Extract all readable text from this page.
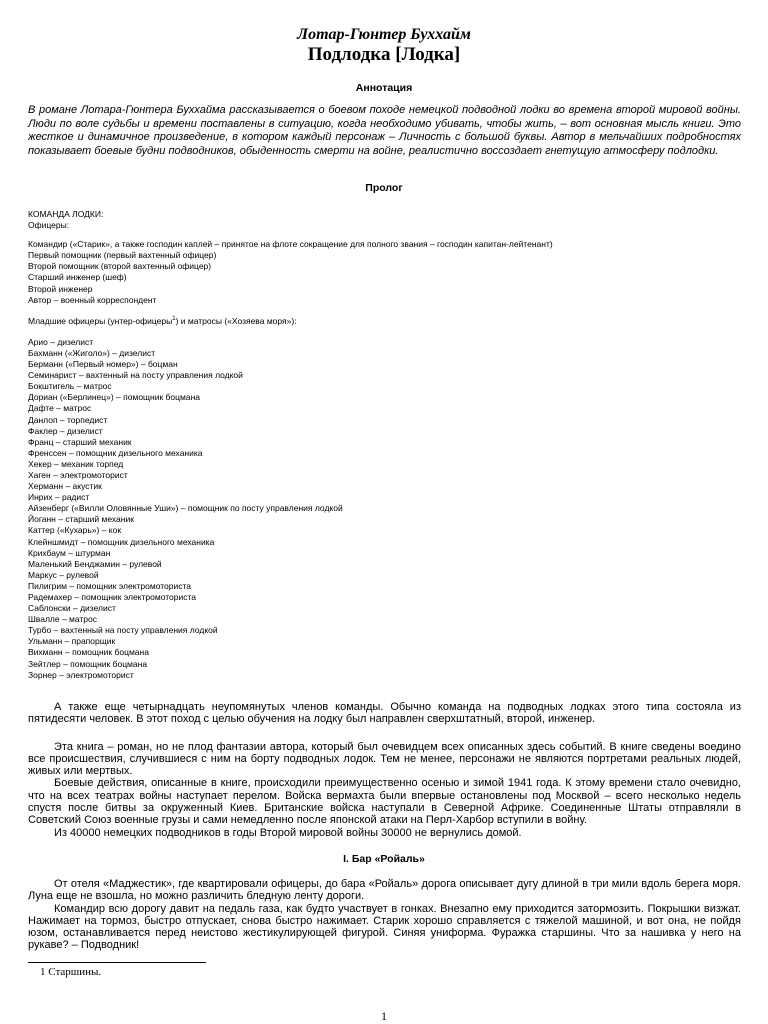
Лотар-Гюнтер Буххайм

Подлодка [Лодка]

Аннотация

В романе Лотара-Гюнтера Буххайма рассказывается о боевом походе немецкой подводной лодки во времена второй мировой войны. Люди по воле судьбы и времени поставлены в ситуацию, когда необходимо убивать, чтобы жить, – вот основная мысль книги. Это жесткое и динамичное произведение, в котором каждый персонаж – Личность с большой буквы. Автор в мельчайших подробностях показывает боевые будни подводников, обыденность смерти на войне, реалистично воссоздает гнетущую атмосферу подлодки.

Пролог

КОМАНДА ЛОДКИ:
Офицеры:
Командир («Старик», а также господин каплей – принятое на флоте сокращение для полного звания – господин капитан-лейтенант)
Первый помощник (первый вахтенный офицер)
Второй помощник (второй вахтенный офицер)
Старший инженер (шеф)
Второй инженер
Автор – военный корреспондент
Младшие офицеры (унтер-офицеры$^1$) и матросы («Хозяева моря»):
Арио – дизелист
Бахманн («Жиголо») – дизелист
Берманн («Первый номер») – боцман
Семинарист – вахтенный на посту управления лодкой
Бокштигель – матрос
Дориан («Берлинец») – помощник боцмана
Дафте – матрос
Данлоп – торпедист
Факлер – дизелист
Франц – старший механик
Френссен – помощник дизельного механика
Хекер – механик торпед
Хаген – электромоторист
Херманн – акустик
Инрих – радист
Айзенберг («Вилли Оловянные Уши») – помощник по посту управления лодкой
Йоганн – старший механик
Каттер («Кухарь») – кок
Клейншмидт – помощник дизельного механика
Крихбаум – штурман
Маленький Бенджамин – рулевой
Маркус – рулевой
Пилигрим – помощник электромоториста
Радемахер – помощник электромоториста
Саблонски – дизелист
Швалле – матрос
Турбо – вахтенный на посту управления лодкой
Ульманн – прапорщик
Вихманн – помощник боцмана
Зейтлер – помощник боцмана
Зорнер – электромоторист

А также еще четырнадцать неупомянутых членов команды. Обычно команда на подводных лодках этого типа состояла из пятидесяти человек. В этот поход с целью обучения на лодку был направлен сверхштатный, второй, инженер.

Эта книга – роман, но не плод фантазии автора, который был очевидцем всех описанных здесь событий. В книге сведены воедино все происшествия, случившиеся с ним на борту подводных лодок. Тем не менее, персонажи не являются портретами реальных людей, живых или мертвых.

Боевые действия, описанные в книге, происходили преимущественно осенью и зимой 1941 года. К этому времени стало очевидно, что на всех театрах войны наступает перелом. Войска вермахта были впервые остановлены под Москвой – всего несколько недель спустя после битвы за окруженный Киев. Британские войска наступали в Северной Африке. Соединенные Штаты отправляли в Советский Союз военные грузы и сами немедленно после японской атаки на Перл-Харбор вступили в войну.

Из 40000 немецких подводников в годы Второй мировой войны 30000 не вернулись домой.

I. Бар «Ройаль»

От отеля «Маджестик», где квартировали офицеры, до бара «Ройаль» дорога описывает дугу длиной в три мили вдоль берега моря. Луна еще не взошла, но можно различить бледную ленту дороги.

Командир всю дорогу давит на педаль газа, как будто участвует в гонках. Внезапно ему приходится затормозить. Покрышки визжат. Нажимает на тормоз, быстро отпускает, снова быстро нажимает. Старик хорошо справляется с тяжелой машиной, и вот она, не пойдя юзом, останавливается перед неистово жестикулирующей фигурой. Синяя униформа. Фуражка старшины. Что за нашивка у него на рукаве? – Подводник!

1 Старшины.

1
